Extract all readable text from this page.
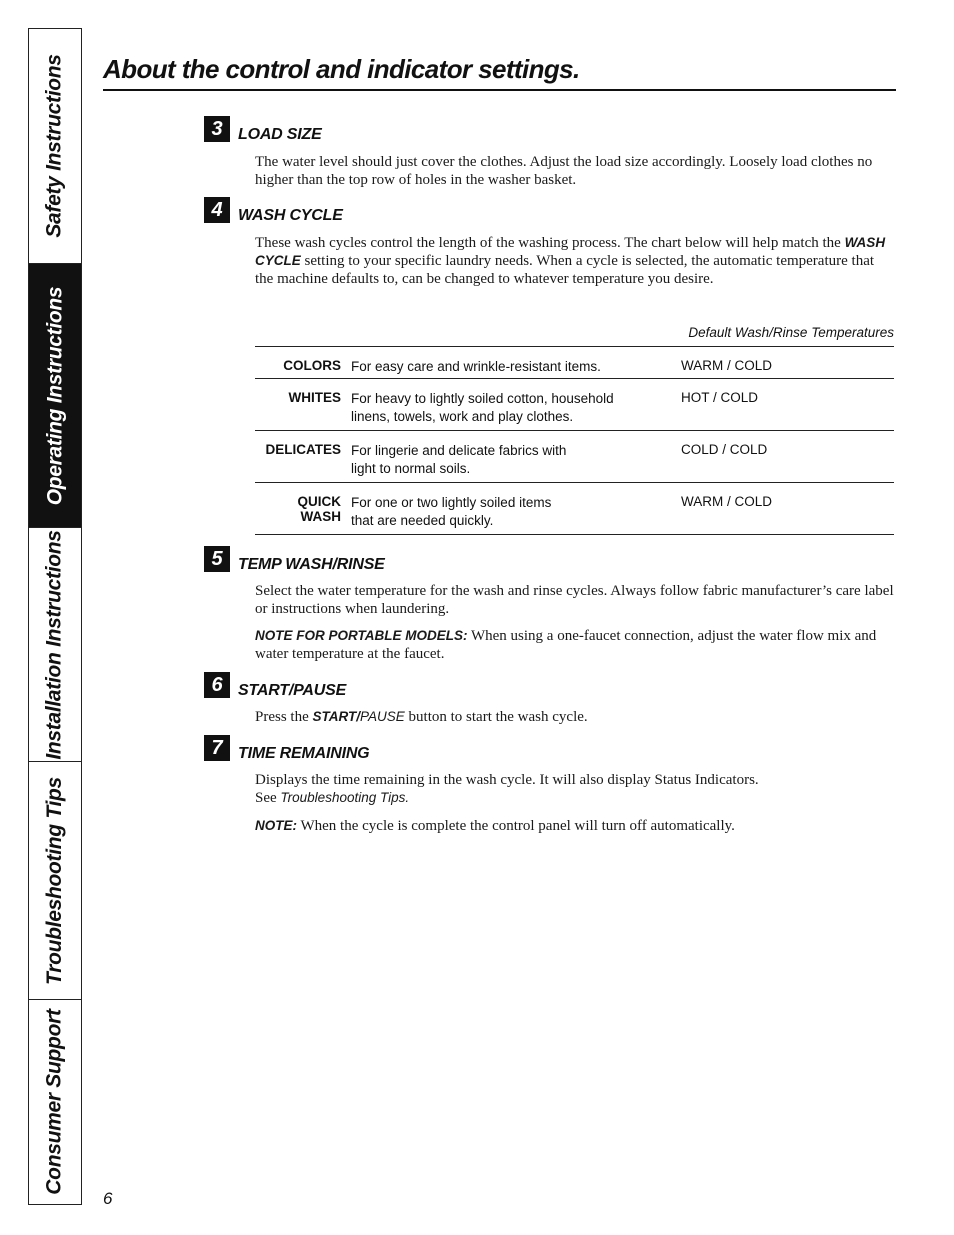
Safety Instructions
Operating Instructions
Installation Instructions
Troubleshooting Tips
Consumer Support
About the control and indicator settings.
3 LOAD SIZE

The water level should just cover the clothes. Adjust the load size accordingly. Loosely load clothes no higher than the top row of holes in the washer basket.

4 WASH CYCLE

These wash cycles control the length of the washing process. The chart below will help match the WASH CYCLE setting to your specific laundry needs. When a cycle is selected, the automatic temperature that the machine defaults to, can be changed to whatever temperature you desire.

Default Wash/Rinse Temperatures
COLORS For easy care and wrinkle-resistant items.	WARM / COLD
WHITES For heavy to lightly soiled cotton, household linens, towels, work and play clothes.
HOT / COLD
DELICATES For lingerie and delicate fabrics with light to normal soils.
COLD / COLD
QUICK WASH
For one or two lightly soiled items that are needed quickly.
WARM / COLD
5 TEMP WASH/RINSE

Select the water temperature for the wash and rinse cycles. Always follow fabric manufacturer’s care label or instructions when laundering.

NOTE FOR PORTABLE MODELS: When using a one-faucet connection, adjust the water flow mix and water temperature at the faucet.

6 START/PAUSE

Press the START/PAUSE button to start the wash cycle.

7 TIME REMAINING

Displays the time remaining in the wash cycle. It will also display Status Indicators.
See Troubleshooting Tips.

NOTE: When the cycle is complete the control panel will turn off automatically.

6
